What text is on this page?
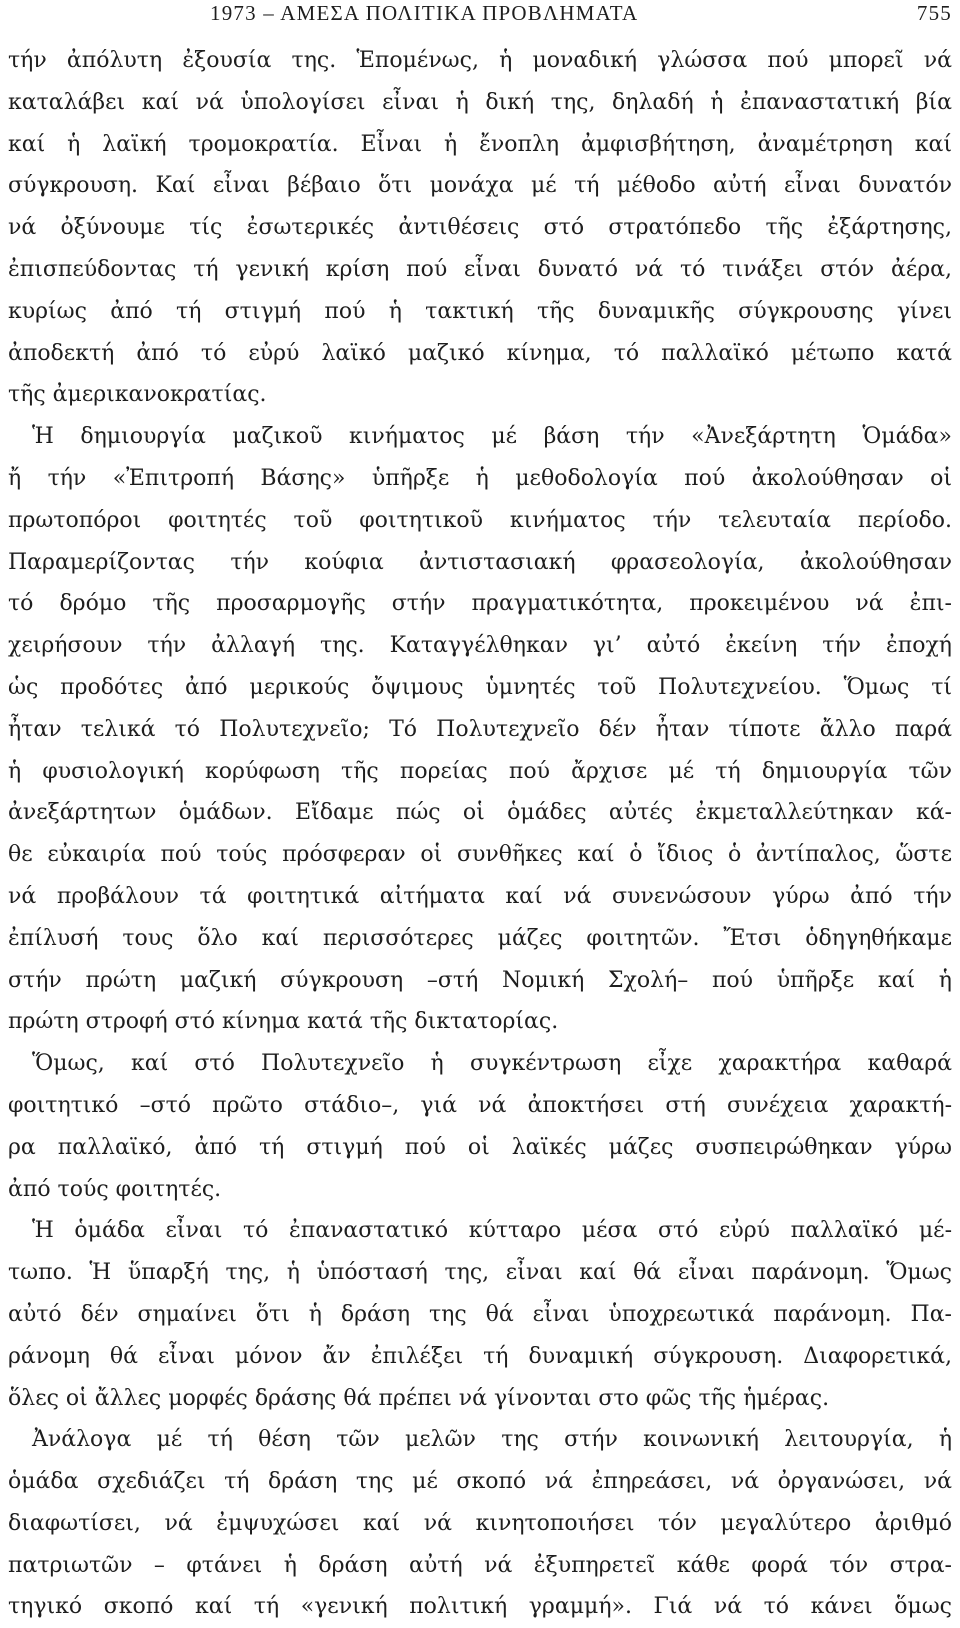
1973 – ΑΜΕΣΑ ΠΟΛΙΤΙΚΑ ΠΡΟΒΛΗΜΑΤΑ	755
τήν ἀπόλυτη ἐξουσία της. Ἑπομένως, ἡ μοναδική γλώσσα πού μπορεῖ νά
καταλάβει καί νά ὑπολογίσει εἶναι ἡ δική της, δηλαδή ἡ ἐπαναστατική βία
καί ἡ λαϊκή τρομοκρατία. Εἶναι ἡ ἔνοπλη ἀμφισβήτηση, ἀναμέτρηση καί
σύγκρουση. Καί εἶναι βέβαιο ὅτι μονάχα μέ τή μέθοδο αὐτή εἶναι δυνατόν
νά ὀξύνουμε τίς ἐσωτερικές ἀντιθέσεις στό στρατόπεδο τῆς ἐξάρτησης,
ἐπισπεύδοντας τή γενική κρίση πού εἶναι δυνατό νά τό τινάξει στόν ἀέρα,
κυρίως ἀπό τή στιγμή πού ἡ τακτική τῆς δυναμικῆς σύγκρουσης γίνει
ἀποδεκτή ἀπό τό εὐρύ λαϊκό μαζικό κίνημα, τό παλλαϊκό μέτωπο κατά
τῆς ἀμερικανοκρατίας.
Ἡ δημιουργία μαζικοῦ κινήματος μέ βάση τήν «Ἀνεξάρτητη Ὁμάδα»
ἤ τήν «Ἐπιτροπή Βάσης» ὑπῆρξε ἡ μεθοδολογία πού ἀκολούθησαν οἱ
πρωτοπόροι φοιτητές τοῦ φοιτητικοῦ κινήματος τήν τελευταία περίοδο.
Παραμερίζοντας τήν κούφια ἀντιστασιακή φρασεολογία, ἀκολούθησαν
τό δρόμο τῆς προσαρμογῆς στήν πραγματικότητα, προκειμένου νά ἐπι-
χειρήσουν τήν ἀλλαγή της. Καταγγέλθηκαν γι’ αὐτό ἐκείνη τήν ἐποχή
ὡς προδότες ἀπό μερικούς ὄψιμους ὑμνητές τοῦ Πολυτεχνείου. Ὅμως τί
ἦταν τελικά τό Πολυτεχνεῖο; Τό Πολυτεχνεῖο δέν ἦταν τίποτε ἄλλο παρά
ἡ φυσιολογική κορύφωση τῆς πορείας πού ἄρχισε μέ τή δημιουργία τῶν
ἀνεξάρτητων ὁμάδων. Εἴδαμε πώς οἱ ὁμάδες αὐτές ἐκμεταλλεύτηκαν κά-
θε εὐκαιρία πού τούς πρόσφεραν οἱ συνθῆκες καί ὁ ἴδιος ὁ ἀντίπαλος, ὥστε
νά προβάλουν τά φοιτητικά αἰτήματα καί νά συνενώσουν γύρω ἀπό τήν
ἐπίλυσή τους ὅλο καί περισσότερες μάζες φοιτητῶν. Ἔτσι ὁδηγηθήκαμε
στήν πρώτη μαζική σύγκρουση –στή Νομική Σχολή– πού ὑπῆρξε καί ἡ
πρώτη στροφή στό κίνημα κατά τῆς δικτατορίας.
Ὅμως, καί στό Πολυτεχνεῖο ἡ συγκέντρωση εἶχε χαρακτήρα καθαρά
φοιτητικό –στό πρῶτο στάδιο–, γιά νά ἀποκτήσει στή συνέχεια χαρακτή-
ρα παλλαϊκό, ἀπό τή στιγμή πού οἱ λαϊκές μάζες συσπειρώθηκαν γύρω
ἀπό τούς φοιτητές.
Ἡ ὁμάδα εἶναι τό ἐπαναστατικό κύτταρο μέσα στό εὐρύ παλλαϊκό μέ-
τωπο. Ἡ ὕπαρξή της, ἡ ὑπόστασή της, εἶναι καί θά εἶναι παράνομη. Ὅμως
αὐτό δέν σημαίνει ὅτι ἡ δράση της θά εἶναι ὑποχρεωτικά παράνομη. Πα-
ράνομη θά εἶναι μόνον ἄν ἐπιλέξει τή δυναμική σύγκρουση. Διαφορετικά,
ὅλες οἱ ἄλλες μορφές δράσης θά πρέπει νά γίνονται στο φῶς τῆς ἡμέρας.
Ἀνάλογα μέ τή θέση τῶν μελῶν της στήν κοινωνική λειτουργία, ἡ
ὁμάδα σχεδιάζει τή δράση της μέ σκοπό νά ἐπηρεάσει, νά ὀργανώσει, νά
διαφωτίσει, νά ἐμψυχώσει καί νά κινητοποιήσει τόν μεγαλύτερο ἀριθμό
πατριωτῶν – φτάνει ἡ δράση αὐτή νά ἐξυπηρετεῖ κάθε φορά τόν στρα-
τηγικό σκοπό καί τή «γενική πολιτική γραμμή». Γιά νά τό κάνει ὅμως
